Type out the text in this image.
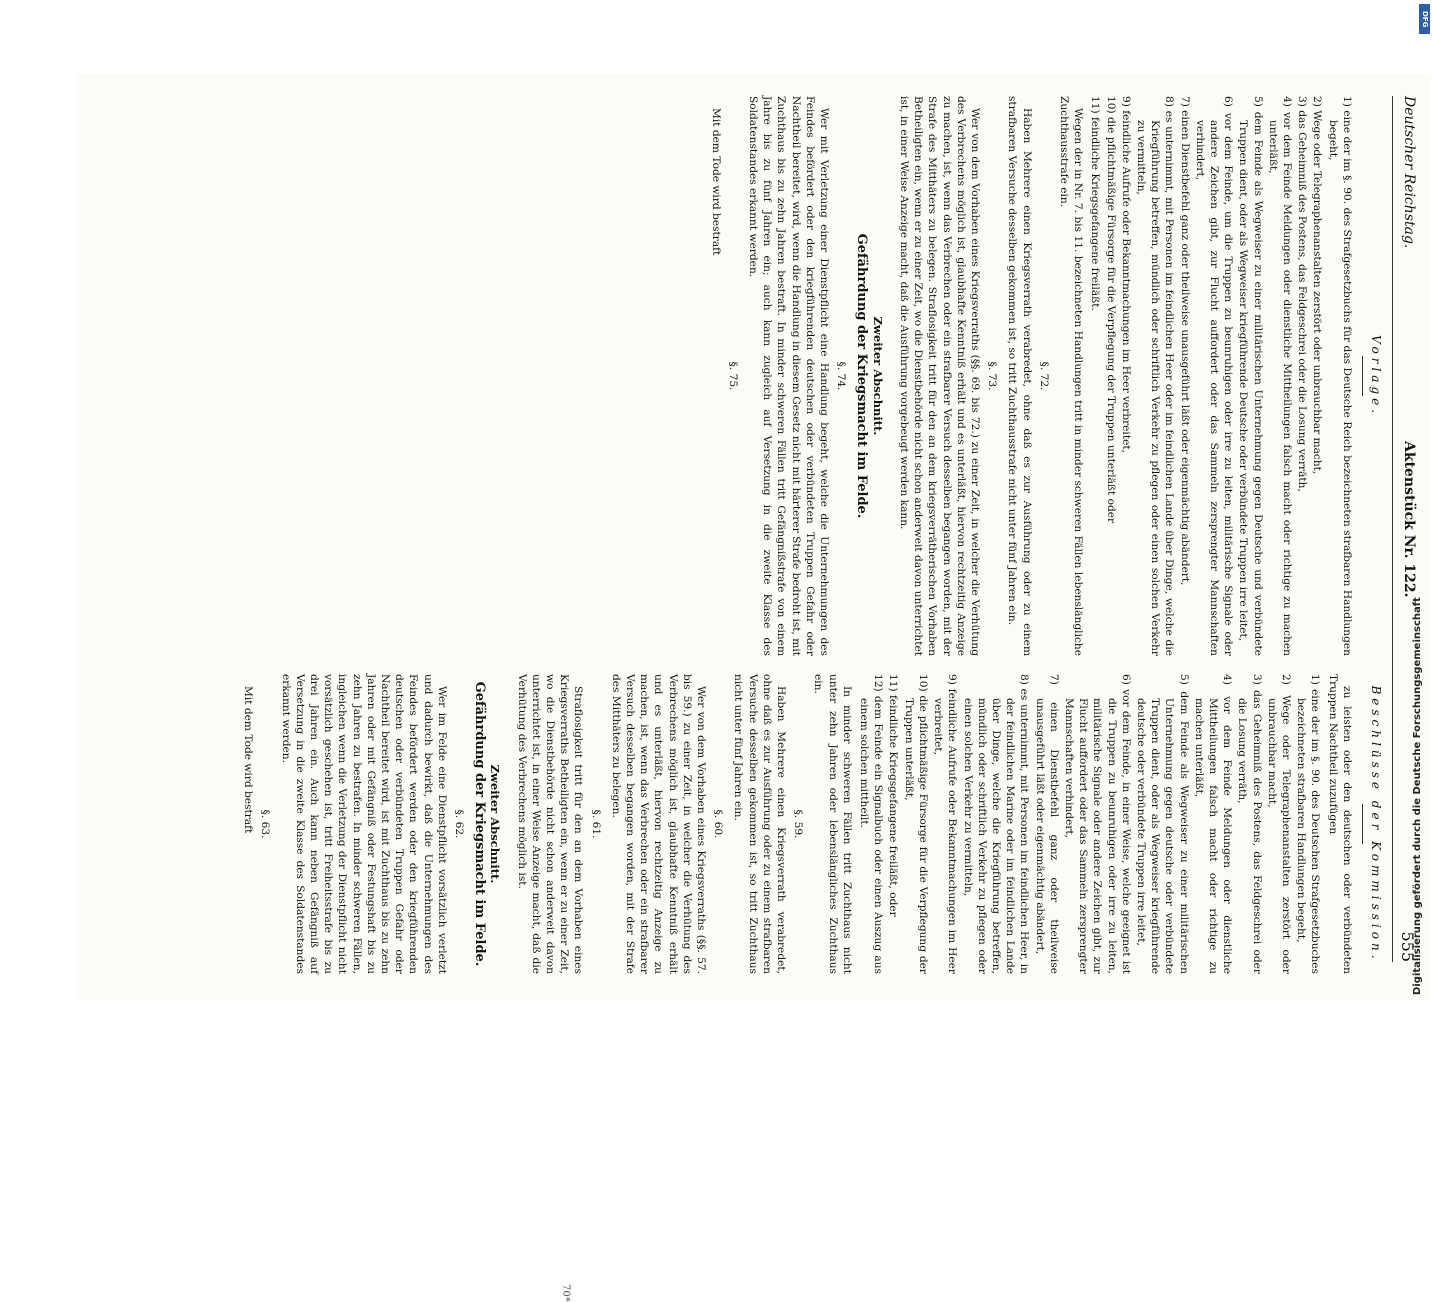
Deutscher Reichstag.
Aktenstück Nr. 122.
555
Vorlage.

1) eine der im §. 90. des Strafgesetzbuchs für das Deutsche Reich bezeichneten strafbaren Handlungen begeht,

2) Wege oder Telegraphenanstalten zerstört oder unbrauchbar macht,

3) das Geheimniß des Postens, das Feldgeschrei oder die Losung verräth,

4) vor dem Feinde Meldungen oder dienstliche Mittheilungen falsch macht oder richtige zu machen unterläßt,

5) dem Feinde als Wegweiser zu einer militärischen Unternehmung gegen Deutsche und verbündete Truppen dient, oder als Wegweiser kriegführende Deutsche oder verbündete Truppen irre leitet,

6) vor dem Feinde, um die Truppen zu beunruhigen oder irre zu leiten, militärische Signale oder andere Zeichen gibt, zur Flucht auffordert oder das Sammeln zersprengter Mannschaften verhindert,

7) einen Dienstbefehl ganz oder theilweise unausgeführt läßt oder eigenmächtig abändert,

8) es unternimmt, mit Personen im feindlichen Heer oder im feindlichen Lande über Dinge, welche die Kriegführung betreffen, mündlich oder schriftlich Verkehr zu pflegen oder einen solchen Verkehr zu vermitteln,

9) feindliche Aufrufe oder Bekanntmachungen im Heer verbreitet,

10) die pflichtmäßige Fürsorge für die Verpflegung der Truppen unterläßt oder

11) feindliche Kriegsgefangene freiläßt.

Wegen der in Nr. 7. bis 11. bezeichneten Handlungen tritt in minder schweren Fällen lebenslängliche Zuchthausstrafe ein.

§. 72.

Haben Mehrere einen Kriegsverrath verabredet, ohne daß es zur Ausführung oder zu einem strafbaren Versuche desselben gekommen ist, so tritt Zuchthausstrafe nicht unter fünf Jahren ein.

§. 73.

Wer von dem Vorhaben eines Kriegsverraths (§§. 69. bis 72.) zu einer Zeit, in welcher die Verhütung des Verbrechens möglich ist, glaubhafte Kenntniß erhält und es unterläßt, hiervon rechtzeitig Anzeige zu machen, ist, wenn das Verbrechen oder ein strafbarer Versuch desselben begangen worden, mit der Strafe des Mitthäters zu belegen. Straflosigkeit tritt für den an dem kriegsverrätherischen Vorhaben Betheiligten ein, wenn er zu einer Zeit, wo die Dienstbehörde nicht schon anderweit davon unterrichtet ist, in einer Weise Anzeige macht, daß die Ausführung vorgebeugt werden kann.

Zweiter Abschnitt.
Gefährdung der Kriegsmacht im Felde.
§. 74.

Wer mit Verletzung einer Dienstpflicht eine Handlung begeht, welche die Unternehmungen des Feindes befördert oder den kriegführenden deutschen oder verbündeten Truppen Gefahr oder Nachtheil bereitet, wird, wenn die Handlung in diesem Gesetz nicht mit härterer Strafe bedroht ist, mit Zuchthaus bis zu zehn Jahren bestraft. In minder schweren Fällen tritt Gefängnißstrafe von einem Jahre bis zu fünf Jahren ein; auch kann zugleich auf Versetzung in die zweite Klasse des Soldatenstandes erkannt werden.

§. 75.

Mit dem Tode wird bestraft

Beschlüsse der Kommission.

zu leisten oder den deutschen oder verbündeten Truppen Nachtheil zuzufügen

1) eine der im §. 90. des Deutschen Strafgesetzbuches bezeichneten strafbaren Handlungen begeht,

2) Wege oder Telegraphenanstalten zerstört oder unbrauchbar macht,

3) das Geheimniß des Postens, das Feldgeschrei oder die Losung verräth,

4) vor dem Feinde Meldungen oder dienstliche Mittheilungen falsch macht oder richtige zu machen unterläßt,

5) dem Feinde als Wegweiser zu einer militärischen Unternehmung gegen deutsche oder verbündete Truppen dient, oder als Wegweiser kriegführende deutsche oder verbündete Truppen irre leitet,

6) vor dem Feinde, in einer Weise, welche geeignet ist die Truppen zu beunruhigen oder irre zu leiten, militärische Signale oder andere Zeichen gibt, zur Flucht auffordert oder das Sammeln zersprengter Mannschaften verhindert,

7) einen Dienstbefehl ganz oder theilweise unausgeführt läßt oder eigenmächtig abändert,

8) es unternimmt, mit Personen im feindlichen Heer, in der feindlichen Marine oder im feindlichen Lande über Dinge, welche die Kriegführung betreffen, mündlich oder schriftlich Verkehr zu pflegen oder einen solchen Verkehr zu vermitteln,

9) feindliche Aufrufe oder Bekanntmachungen im Heer verbreitet,

10) die pflichtmäßige Fürsorge für die Verpflegung der Truppen unterläßt,

11) feindliche Kriegsgefangene freiläßt, oder

12) dem Feinde ein Signalbuch oder einen Auszug aus einem solchen mittheilt.

In minder schweren Fällen tritt Zuchthaus nicht unter zehn Jahren oder lebenslängliches Zuchthaus ein.

§. 59.

Haben Mehrere einen Kriegsverrath verabredet, ohne daß es zur Ausführung oder zu einem strafbaren Versuche desselben gekommen ist, so tritt Zuchthaus nicht unter fünf Jahren ein.

§. 60.

Wer von dem Vorhaben eines Kriegsverraths (§§. 57. bis 59.) zu einer Zeit, in welcher die Verhütung des Verbrechens möglich ist, glaubhafte Kenntniß erhält und es unterläßt, hiervon rechtzeitig Anzeige zu machen, ist, wenn das Verbrechen oder ein strafbarer Versuch desselben begangen worden, mit der Strafe des Mitthäters zu belegen.

§. 61.

Straflosigkeit tritt für den an dem Vorhaben eines Kriegsverraths Betheiligten ein, wenn er zu einer Zeit, wo die Dienstbehörde nicht schon anderweit davon unterrichtet ist, in einer Weise Anzeige macht, daß die Verhütung des Verbrechens möglich ist.

Zweiter Abschnitt.
Gefährdung der Kriegsmacht im Felde.
§. 62.

Wer im Felde eine Dienstpflicht vorsätzlich verletzt und dadurch bewirkt, daß die Unternehmungen des Feindes befördert werden oder den kriegführenden deutschen oder verbündeten Truppen Gefahr oder Nachtheil bereitet wird, ist mit Zuchthaus bis zu zehn Jahren oder mit Gefängniß oder Festungshaft bis zu zehn Jahren zu bestrafen. In minder schweren Fällen, ingleichen wenn die Verletzung der Dienstpflicht nicht vorsätzlich geschehen ist, tritt Freiheitsstrafe bis zu drei Jahren ein. Auch kann neben Gefängniß auf Versetzung in die zweite Klasse des Soldatenstandes erkannt werden.

§. 63.

Mit dem Tode wird bestraft

70*
DFG
Digitalisierung gefördert durch die Deutsche Forschungsgemeinschaft
